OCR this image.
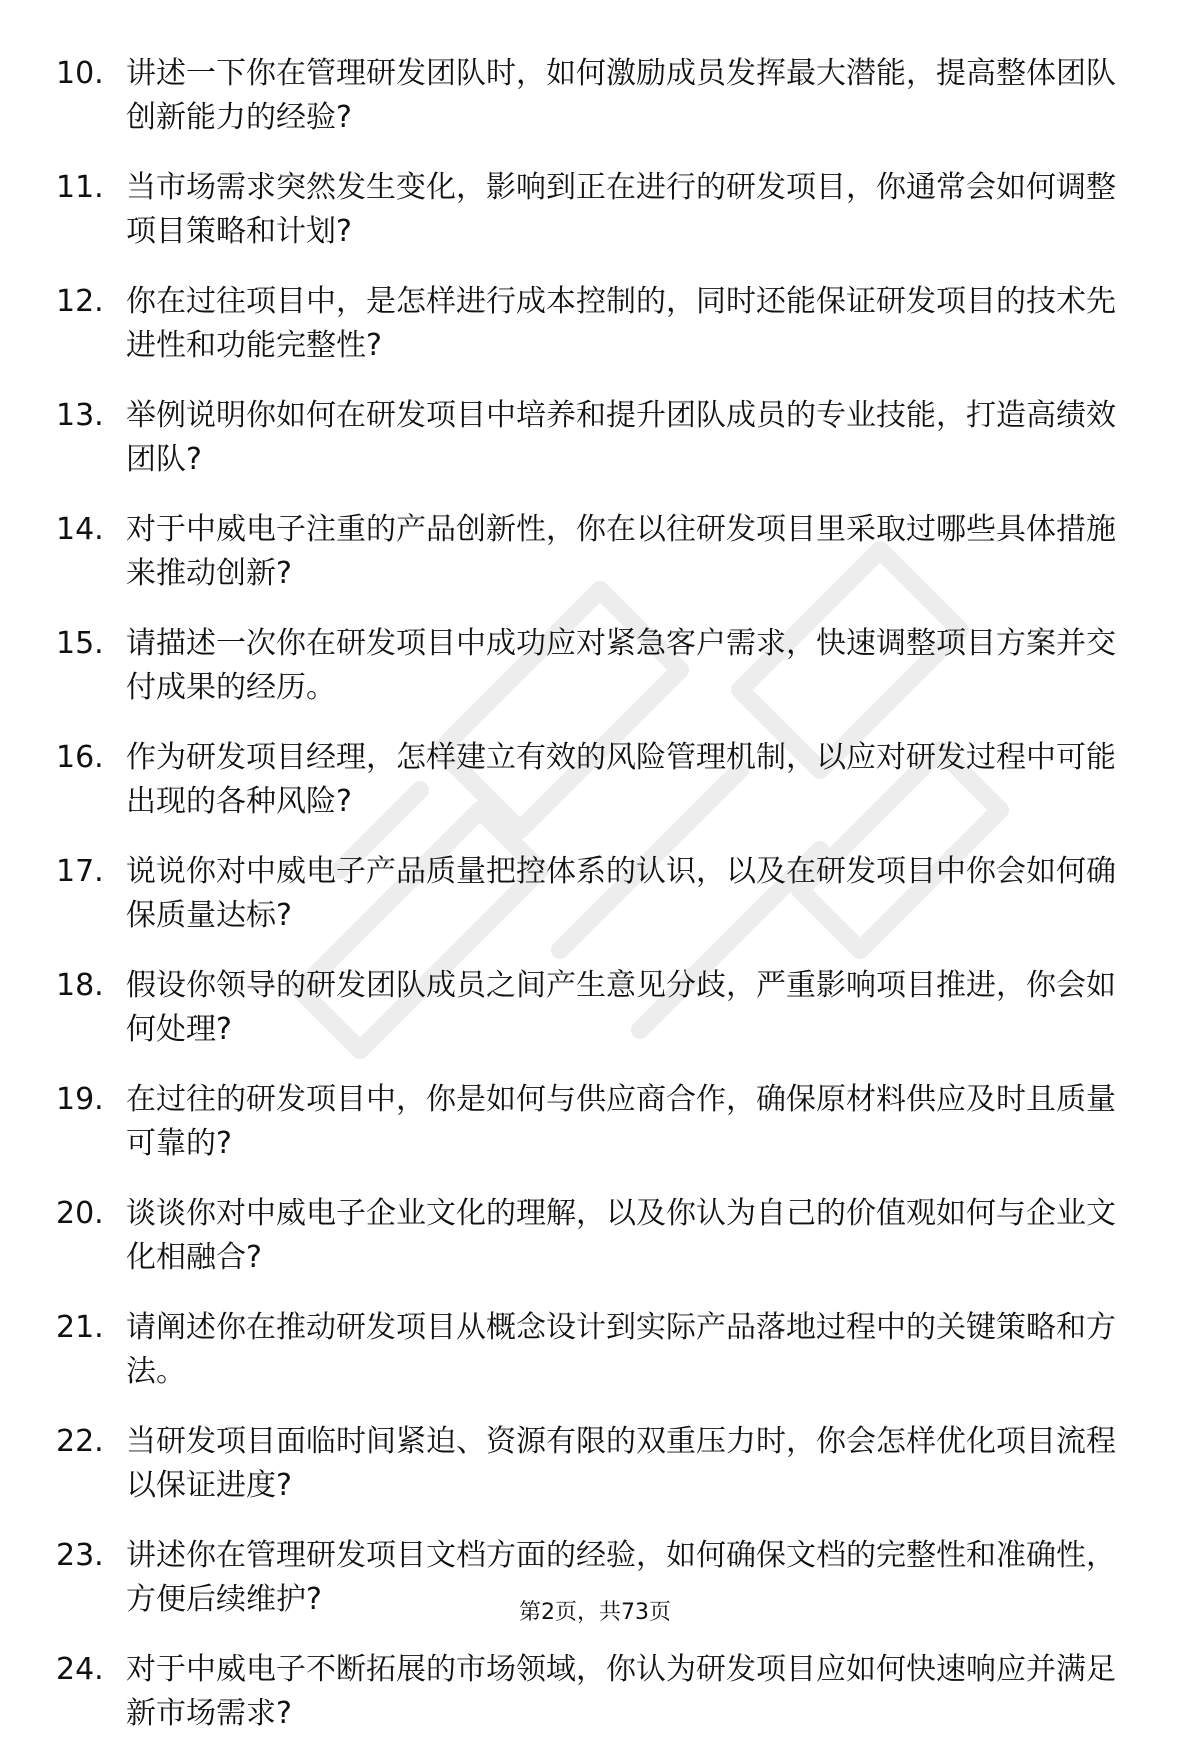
10. 讲述一下你在管理研发团队时，如何激励成员发挥最大潜能，提高整体团队创新能力的经验?
11. 当市场需求突然发生变化，影响到正在进行的研发项目，你通常会如何调整项目策略和计划?
12. 你在过往项目中，是怎样进行成本控制的，同时还能保证研发项目的技术先进性和功能完整性?
13. 举例说明你如何在研发项目中培养和提升团队成员的专业技能，打造高绩效团队?
14. 对于中威电子注重的产品创新性，你在以往研发项目里采取过哪些具体措施来推动创新?
15. 请描述一次你在研发项目中成功应对紧急客户需求，快速调整项目方案并交付成果的经历。
16. 作为研发项目经理，怎样建立有效的风险管理机制，以应对研发过程中可能出现的各种风险?
17. 说说你对中威电子产品质量把控体系的认识，以及在研发项目中你会如何确保质量达标?
18. 假设你领导的研发团队成员之间产生意见分歧，严重影响项目推进，你会如何处理?
19. 在过往的研发项目中，你是如何与供应商合作，确保原材料供应及时且质量可靠的?
20. 谈谈你对中威电子企业文化的理解，以及你认为自己的价值观如何与企业文化相融合?
21. 请阐述你在推动研发项目从概念设计到实际产品落地过程中的关键策略和方法。
22. 当研发项目面临时间紧迫、资源有限的双重压力时，你会怎样优化项目流程以保证进度?
23. 讲述你在管理研发项目文档方面的经验，如何确保文档的完整性和准确性，方便后续维护?
24. 对于中威电子不断拓展的市场领域，你认为研发项目应如何快速响应并满足新市场需求?
第2页，共73页
